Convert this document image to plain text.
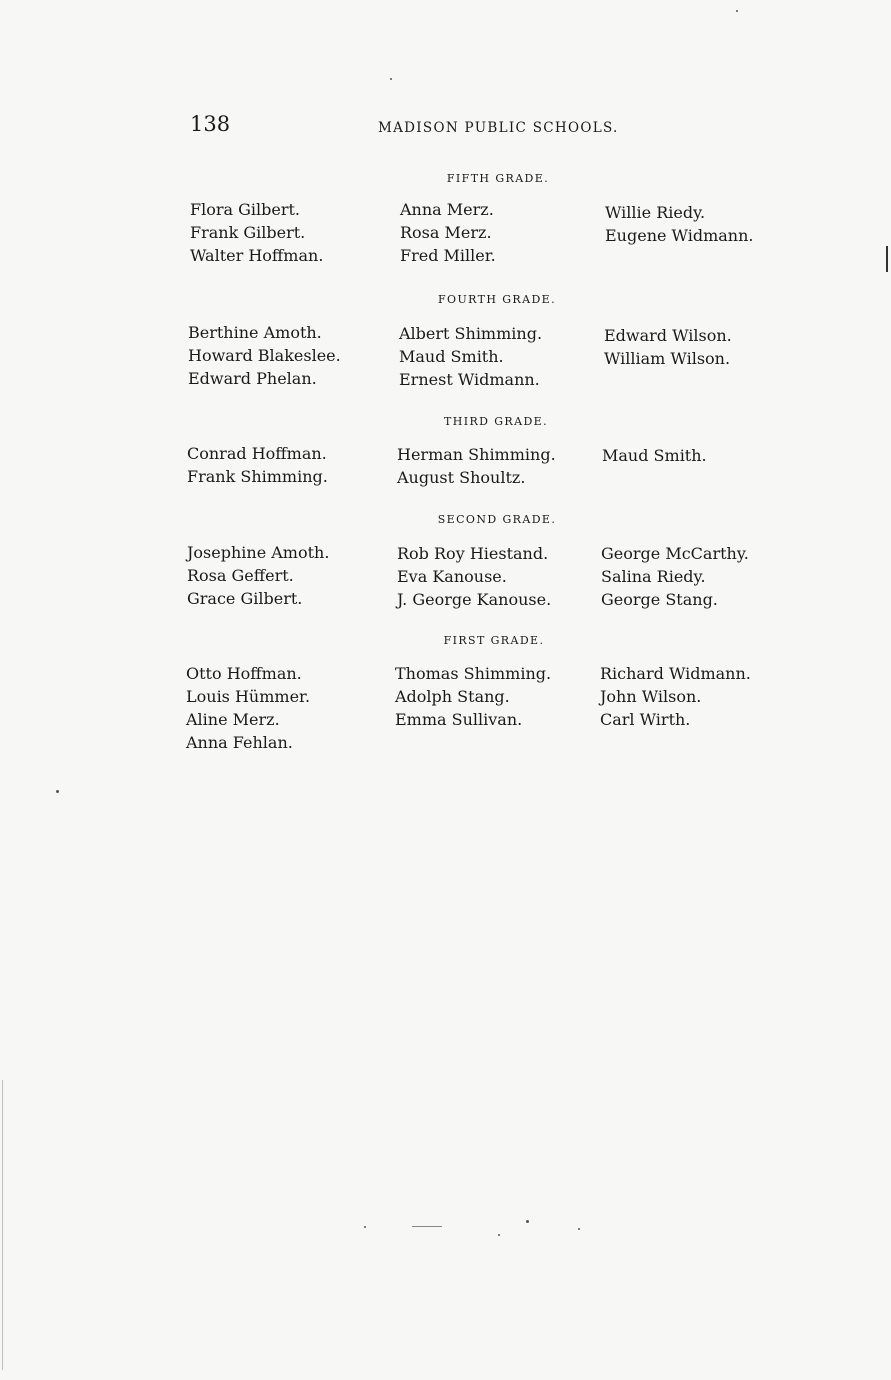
138	MADISON PUBLIC SCHOOLS.
FIFTH GRADE.
Flora Gilbert.
Frank Gilbert.
Walter Hoffman.
Anna Merz.
Rosa Merz.
Fred Miller.
Willie Riedy.
Eugene Widmann.
FOURTH GRADE.
Berthine Amoth.
Howard Blakeslee.
Edward Phelan.
Albert Shimming.
Maud Smith.
Ernest Widmann.
Edward Wilson.
William Wilson.
THIRD GRADE.
Conrad Hoffman.
Frank Shimming.
Herman Shimming.
August Shoultz.
Maud Smith.
SECOND GRADE.
Josephine Amoth.
Rosa Geffert.
Grace Gilbert.
Rob Roy Hiestand.
Eva Kanouse.
J. George Kanouse.
George McCarthy.
Salina Riedy.
George Stang.
FIRST GRADE.
Otto Hoffman.
Louis Hümmer.
Aline Merz.
Anna Fehlan.
Thomas Shimming.
Adolph Stang.
Emma Sullivan.
Richard Widmann.
John Wilson.
Carl Wirth.
